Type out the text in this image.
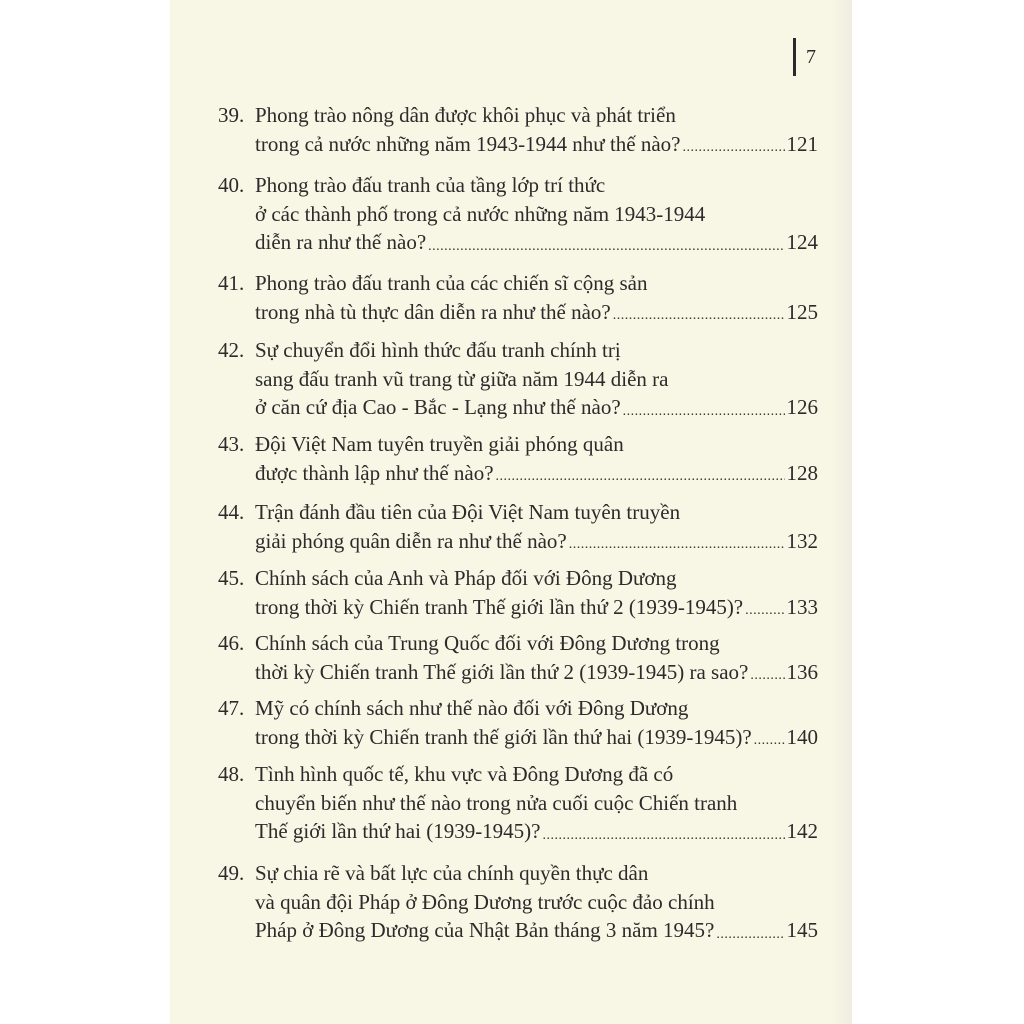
7
39. Phong trào nông dân được khôi phục và phát triển
trong cả nước những năm 1943-1944 như thế nào? .....	121
40. Phong trào đấu tranh của tầng lớp trí thức
ở các thành phố trong cả nước những năm 1943-1944
diễn ra như thế nào? .....	124
41. Phong trào đấu tranh của các chiến sĩ cộng sản
trong nhà tù thực dân diễn ra như thế nào? .....	125
42. Sự chuyển đổi hình thức đấu tranh chính trị
sang đấu tranh vũ trang từ giữa năm 1944 diễn ra
ở căn cứ địa Cao - Bắc - Lạng như thế nào? .....	126
43. Đội Việt Nam tuyên truyền giải phóng quân
được thành lập như thế nào? .....	128
44. Trận đánh đầu tiên của Đội Việt Nam tuyên truyền
giải phóng quân diễn ra như thế nào? .....	132
45. Chính sách của Anh và Pháp đối với Đông Dương
trong thời kỳ Chiến tranh Thế giới lần thứ 2 (1939-1945)? ..... 133
46. Chính sách của Trung Quốc đối với Đông Dương trong
thời kỳ Chiến tranh Thế giới lần thứ 2 (1939-1945) ra sao? ..... 136
47. Mỹ có chính sách như thế nào đối với Đông Dương
trong thời kỳ Chiến tranh thế giới lần thứ hai (1939-1945)? ..... 140
48. Tình hình quốc tế, khu vực và Đông Dương đã có
chuyển biến như thế nào trong nửa cuối cuộc Chiến tranh
Thế giới lần thứ hai (1939-1945)? .....	142
49. Sự chia rẽ và bất lực của chính quyền thực dân
và quân đội Pháp ở Đông Dương trước cuộc đảo chính
Pháp ở Đông Dương của Nhật Bản tháng 3 năm 1945? .....	145
